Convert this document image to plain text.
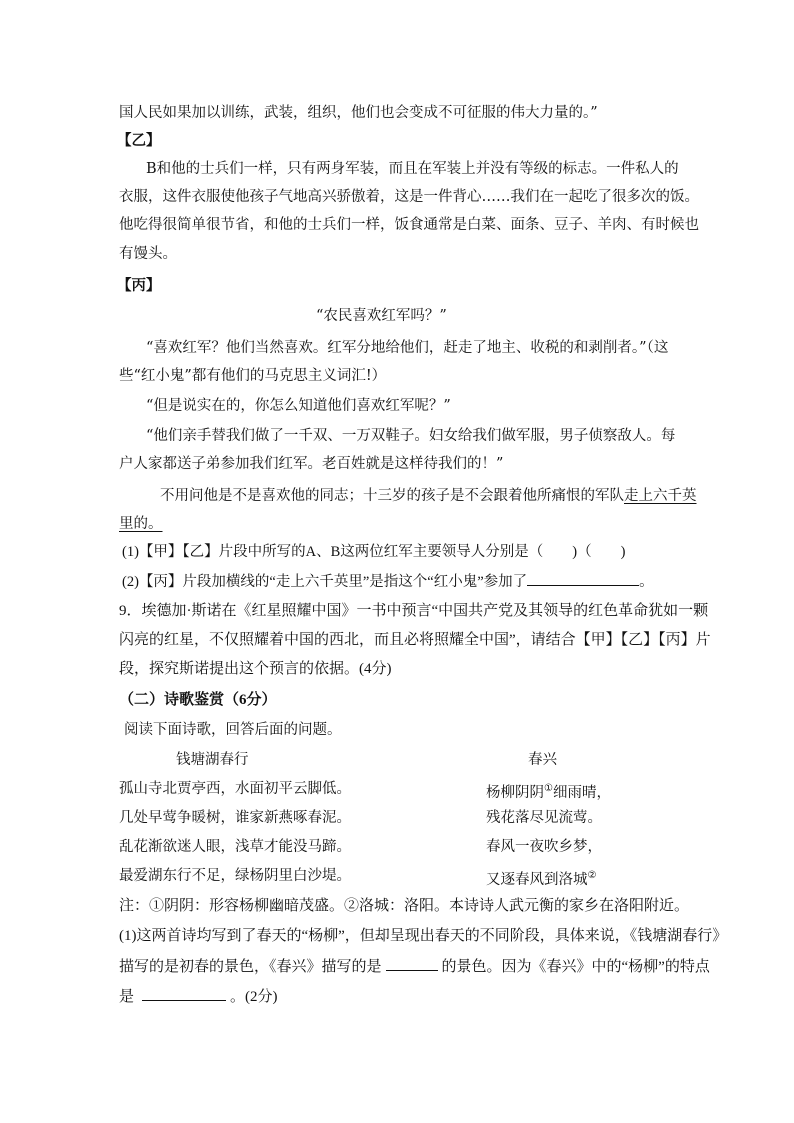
国人民如果加以训练，武装，组织，他们也会变成不可征服的伟大力量的。”
【乙】
B和他的士兵们一样，只有两身军装，而且在军装上并没有等级的标志。一件私人的
衣服，这件衣服使他孩子气地高兴骄傲着，这是一件背心……我们在一起吃了很多次的饭。
他吃得很简单很节省，和他的士兵们一样，饭食通常是白菜、面条、豆子、羊肉、有时候也
有馒头。
【丙】
“农民喜欢红军吗？”
“喜欢红军？他们当然喜欢。红军分地给他们，赶走了地主、收税的和剥削者。”（这
些“红小鬼”都有他们的马克思主义词汇!）
“但是说实在的，你怎么知道他们喜欢红军呢？”
“他们亲手替我们做了一千双、一万双鞋子。妇女给我们做军服，男子侦察敌人。每
户人家都送子弟参加我们红军。老百姓就是这样待我们的！”
不用问他是不是喜欢他的同志；十三岁的孩子是不会跟着他所痛恨的军队走上六千英
里的。
(1)【甲】【乙】片段中所写的A、B这两位红军主要领导人分别是（　　)（　　)
(2)【丙】片段加横线的“走上六千英里”是指这个“红小鬼”参加了	。
9．埃德加·斯诺在《红星照耀中国》一书中预言“中国共产党及其领导的红色革命犹如一颗
闪亮的红星，不仅照耀着中国的西北，而且必将照耀全中国”，请结合【甲】【乙】【丙】片
段，探究斯诺提出这个预言的依据。(4分)
（二）诗歌鉴赏（6分）
阅读下面诗歌，回答后面的问题。
钱塘湖春行	春兴
孤山寺北贾亭西，水面初平云脚低。
几处早莺争暖树，谁家新燕啄春泥。
乱花渐欲迷人眼，浅草才能没马蹄。
最爱湖东行不足，绿杨阴里白沙堤。
杨柳阴阴①细雨晴，
残花落尽见流莺。
春风一夜吹乡梦，
又逐春风到洛城②
注：①阴阴：形容杨柳幽暗茂盛。②洛城：洛阳。本诗诗人武元衡的家乡在洛阳附近。
(1)这两首诗均写到了春天的“杨柳”，但却呈现出春天的不同阶段，具体来说，《钱塘湖春行》
描写的是初春的景色，《春兴》描写的是	的景色。因为《春兴》中的“杨柳”的特点
是	。(2分)
